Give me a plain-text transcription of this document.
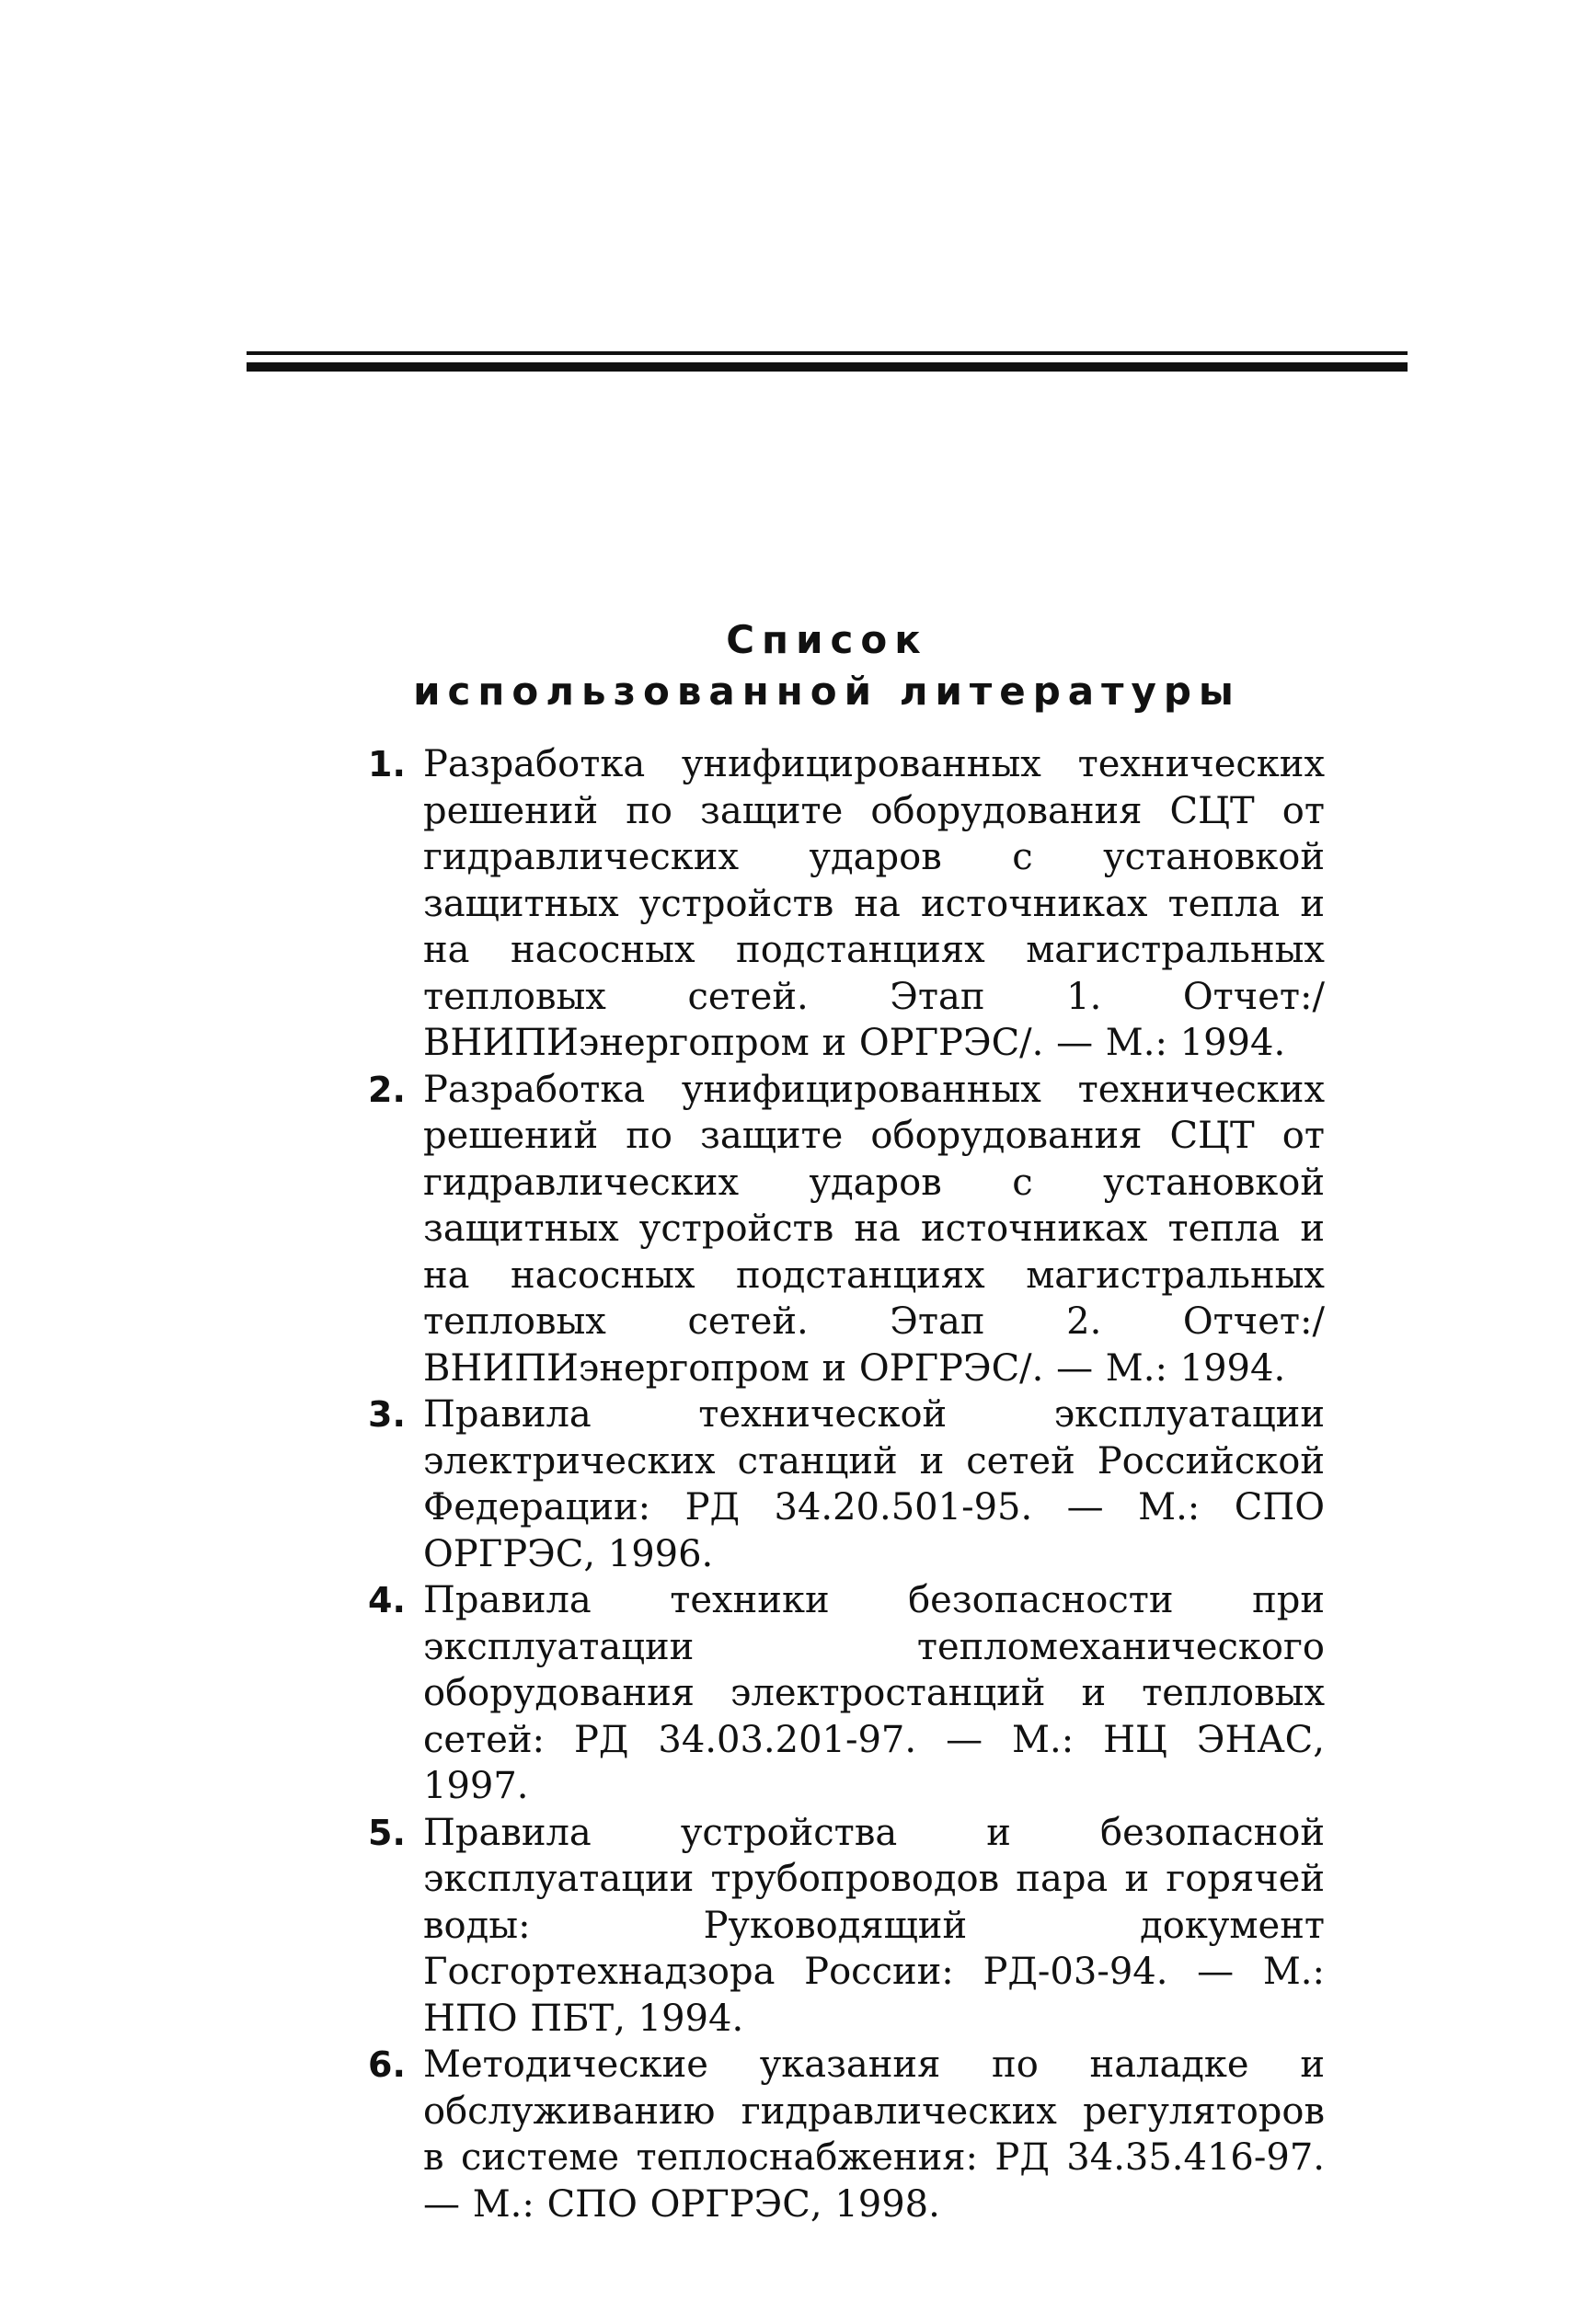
Список
использованной литературы
1. Разработка унифицированных технических решений по защите оборудования СЦТ от гидравлических ударов с установкой защитных устройств на источниках тепла и на насосных подстанциях магистральных тепловых сетей. Этап 1. Отчет:/ ВНИПИэнергопром и ОРГРЭС/. — М.: 1994.
2. Разработка унифицированных технических решений по защите оборудования СЦТ от гидравлических ударов с установкой защитных устройств на источниках тепла и на насосных подстанциях магистральных тепловых сетей. Этап 2. Отчет:/ ВНИПИэнергопром и ОРГРЭС/. — М.: 1994.
3. Правила технической эксплуатации электрических станций и сетей Российской Федерации: РД 34.20.501-95. — М.: СПО ОРГРЭС, 1996.
4. Правила техники безопасности при эксплуатации тепломеханического оборудования электростанций и тепловых сетей: РД 34.03.201-97. — М.: НЦ ЭНАС, 1997.
5. Правила устройства и безопасной эксплуатации трубопроводов пара и горячей воды: Руководящий документ Госгортехнадзора России: РД-03-94. — М.: НПО ПБТ, 1994.
6. Методические указания по наладке и обслуживанию гидравлических регуляторов в системе теплоснабжения: РД 34.35.416-97. — М.: СПО ОРГРЭС, 1998.
